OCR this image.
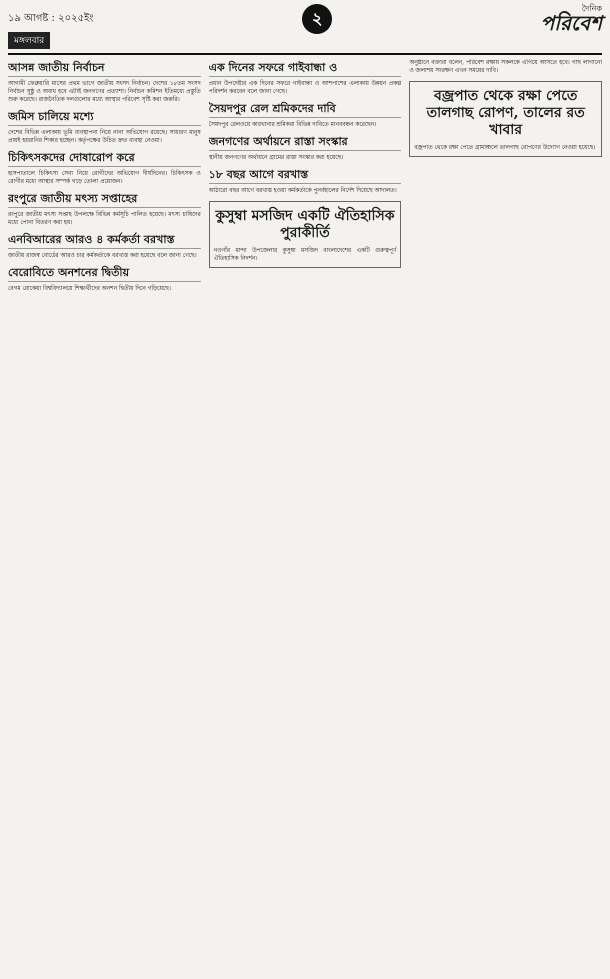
১৯ আগষ্ট : ২০২৫ইং	২	দৈনিক
পরিবেশ
মঙ্গলবার
আসন্ন জাতীয় নির্বাচন

আগামী ফেব্রুয়ারি মাসের প্রথম ভাগে জাতীয় সংসদ নির্বাচন। দেশের ১৮তম সংসদ নির্বাচন সুষ্ঠু ও অবাধ হবে এটাই জনগণের প্রত্যাশা। নির্বাচন কমিশন ইতিমধ্যে প্রস্তুতি শুরু করেছে। রাজনৈতিক দলগুলোর মধ্যে আস্থার পরিবেশ সৃষ্টি করা জরুরি।

জমিস চালিয়ে মশ্যে

দেশের বিভিন্ন এলাকায় ভূমি ব্যবস্থাপনা নিয়ে নানা অভিযোগ রয়েছে। সাধারণ মানুষ প্রায়ই হয়রানির শিকার হচ্ছেন। কর্তৃপক্ষের উচিত দ্রুত ব্যবস্থা নেওয়া।

চিকিৎসকদের দোষারোপ করে

হাসপাতালে চিকিৎসা সেবা নিয়ে রোগীদের অভিযোগ দীর্ঘদিনের। চিকিৎসক ও রোগীর মধ্যে আস্থার সম্পর্ক গড়ে তোলা প্রয়োজন।

রংপুরে জাতীয় মৎস্য সপ্তাহের

রংপুরে জাতীয় মৎস্য সপ্তাহ উপলক্ষে বিভিন্ন কর্মসূচি পালিত হয়েছে। মৎস্য চাষিদের মধ্যে পোনা বিতরণ করা হয়।

এনবিআরের আরও ৪ কর্মকর্তা বরখাস্ত

জাতীয় রাজস্ব বোর্ডের আরও চার কর্মকর্তাকে বরখাস্ত করা হয়েছে বলে জানা গেছে।

বেরোবিতে অনশনের দ্বিতীয়

বেগম রোকেয়া বিশ্ববিদ্যালয়ে শিক্ষার্থীদের অনশন দ্বিতীয় দিনে গড়িয়েছে।

এক দিনের সফরে গাইবান্ধা ও

প্রধান উপদেষ্টার এক দিনের সফরে গাইবান্ধা ও আশপাশের এলাকায় উন্নয়ন প্রকল্প পরিদর্শন করবেন বলে জানা গেছে।

সৈয়দপুর রেল শ্রমিকদের দাবি

সৈয়দপুর রেলওয়ে কারখানার শ্রমিকরা বিভিন্ন দাবিতে মানববন্ধন করেছেন।

জনগণের অর্থায়নে রাস্তা সংস্কার

স্থানীয় জনগণের অর্থায়নে গ্রামের রাস্তা সংস্কার করা হয়েছে।

১৮ বছর আগে বরখাস্ত

আঠারো বছর আগে বরখাস্ত হওয়া কর্মকর্তাকে পুনর্বহালের নির্দেশ দিয়েছে আদালত।

কুসুম্বা মসজিদ একটি ঐতিহাসিক পুরাকীর্তি

নওগাঁর মান্দা উপজেলার কুসুম্বা মসজিদ বাংলাদেশের একটি গুরুত্বপূর্ণ ঐতিহাসিক নিদর্শন।

অনুষ্ঠানে বক্তারা বলেন, পরিবেশ রক্ষায় সকলকে এগিয়ে আসতে হবে। গাছ লাগানো ও জলাশয় সংরক্ষণ এখন সময়ের দাবি।

বজ্রপাত থেকে রক্ষা পেতে তালগাছ রোপণ, তালের রত খাবার

বজ্রপাত থেকে রক্ষা পেতে গ্রামাঞ্চলে তালগাছ রোপণের উদ্যোগ নেওয়া হয়েছে।
